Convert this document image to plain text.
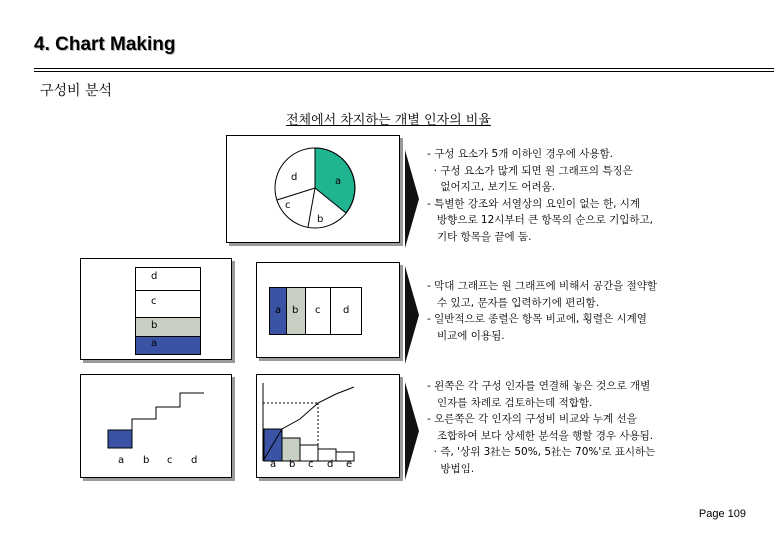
4. Chart Making
구성비 분석
전체에서 차지하는 개별 인자의 비율
a
b
c
d
- 구성 요소가 5개 이하인 경우에 사용함.
· 구성 요소가 많게 되면 원 그래프의 특징은
없어지고, 보기도 어려움.
- 특별한 강조와 서열상의 요인이 없는 한, 시계
방향으로 12시부터 큰 항목의 순으로 기입하고,
기타 항목을 끝에 둠.
d
c
b
a
a b c d
- 막대 그래프는 원 그래프에 비해서 공간을 절약할
수 있고, 문자를 입력하기에 편리함.
- 일반적으로 종렬은 항목 비교에, 횡렬은 시계열
비교에 이용됨.
a b c d	a b c d e
- 왼쪽은 각 구성 인자를 연결해 놓은 것으로 개별
인자를 차례로 검토하는데 적합함.
- 오른쪽은 각 인자의 구성비 비교와 누계 선을
조합하여 보다 상세한 분석을 행할 경우 사용됨.
· 즉, '상위 3社는 50%, 5社는 70%'로 표시하는
방법임.
Page 109
